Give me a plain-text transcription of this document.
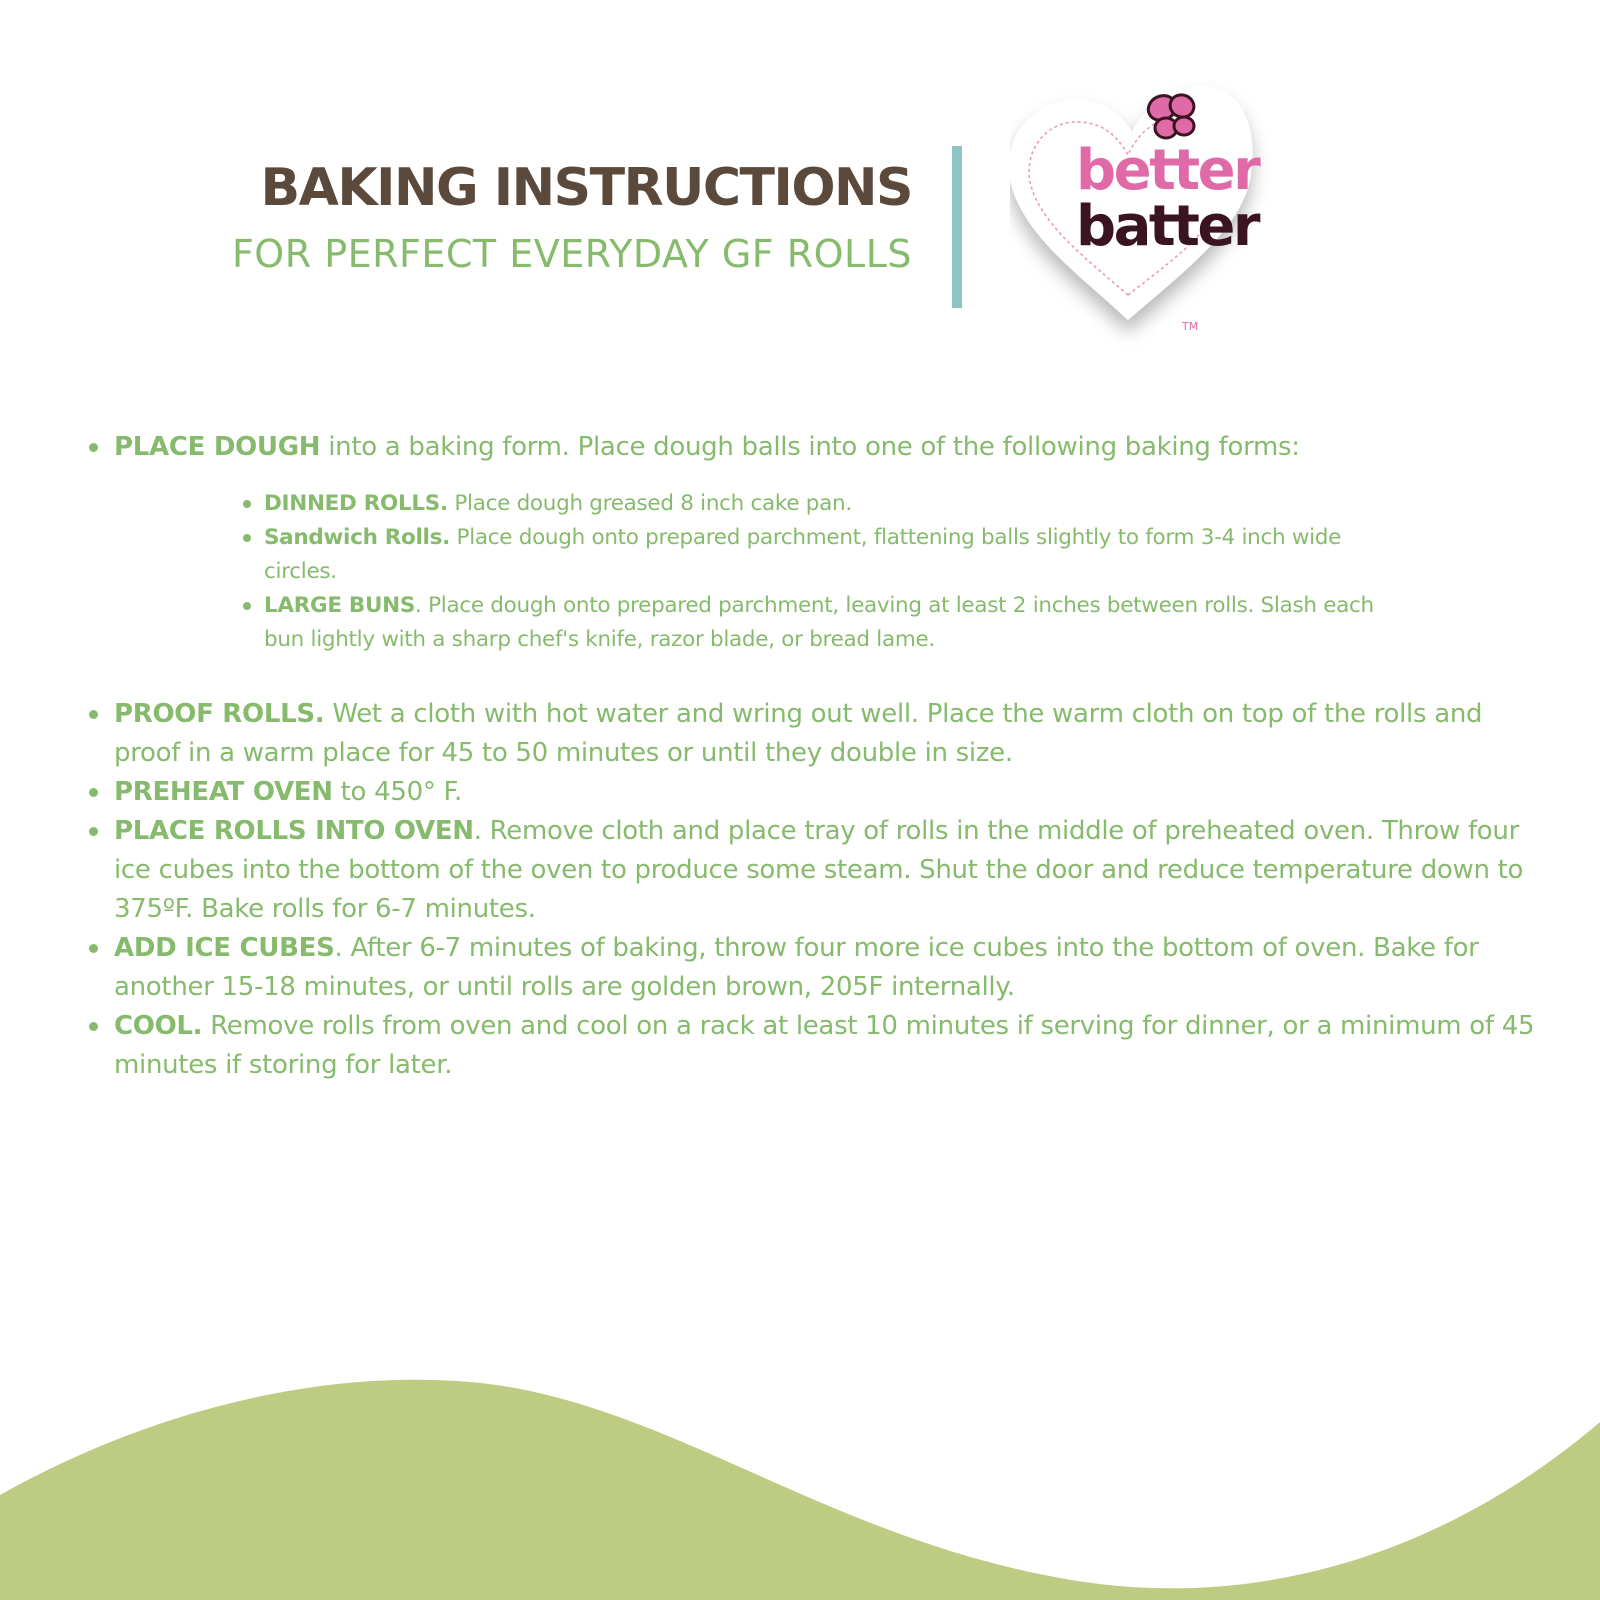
BAKING INSTRUCTIONS
FOR PERFECT EVERYDAY GF ROLLS
better
batter
TM
PLACE DOUGH into a baking form. Place dough balls into one of the following baking forms:
DINNED ROLLS. Place dough greased 8 inch cake pan.
Sandwich Rolls. Place dough onto prepared parchment, flattening balls slightly to form 3-4 inch wide circles.
LARGE BUNS. Place dough onto prepared parchment, leaving at least 2 inches between rolls. Slash each bun lightly with a sharp chef's knife, razor blade, or bread lame.
PROOF ROLLS. Wet a cloth with hot water and wring out well. Place the warm cloth on top of the rolls and proof in a warm place for 45 to 50 minutes or until they double in size.
PREHEAT OVEN to 450° F.
PLACE ROLLS INTO OVEN. Remove cloth and place tray of rolls in the middle of preheated oven. Throw four ice cubes into the bottom of the oven to produce some steam. Shut the door and reduce temperature down to 375ºF. Bake rolls for 6-7 minutes.
ADD ICE CUBES. After 6-7 minutes of baking, throw four more ice cubes into the bottom of oven. Bake for another 15-18 minutes, or until rolls are golden brown, 205F internally.
COOL. Remove rolls from oven and cool on a rack at least 10 minutes if serving for dinner, or a minimum of 45 minutes if storing for later.
